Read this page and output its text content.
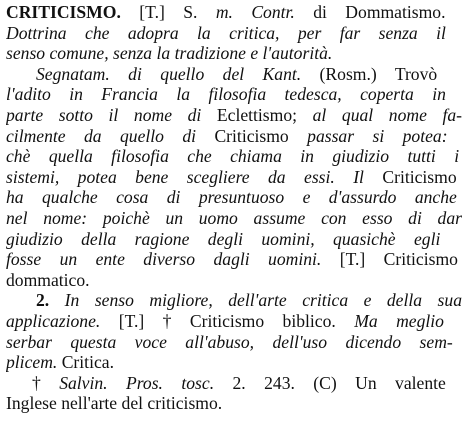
CRITICISMO. [T.] S. m. Contr. di Dommatismo.
Dottrina che adopra la critica, per far senza il
senso comune, senza la tradizione e l'autorità.
Segnatam. di quello del Kant. (Rosm.) Trovò
l'adito in Francia la filosofia tedesca, coperta in
parte sotto il nome di Eclettismo; al qual nome fa-
cilmente da quello di Criticismo passar si potea:
chè quella filosofia che chiama in giudizio tutti i
sistemi, potea bene scegliere da essi. Il Criticismo
ha qualche cosa di presuntuoso e d'assurdo anche
nel nome: poichè un uomo assume con esso di dar
giudizio della ragione degli uomini, quasichè egli
fosse un ente diverso dagli uomini. [T.] Criticismo
dommatico.
2. In senso migliore, dell'arte critica e della sua
applicazione. [T.] † Criticismo biblico. Ma meglio
serbar questa voce all'abuso, dell'uso dicendo sem-
plicem. Critica.
† Salvin. Pros. tosc. 2. 243. (C) Un valente
Inglese nell'arte del criticismo.
